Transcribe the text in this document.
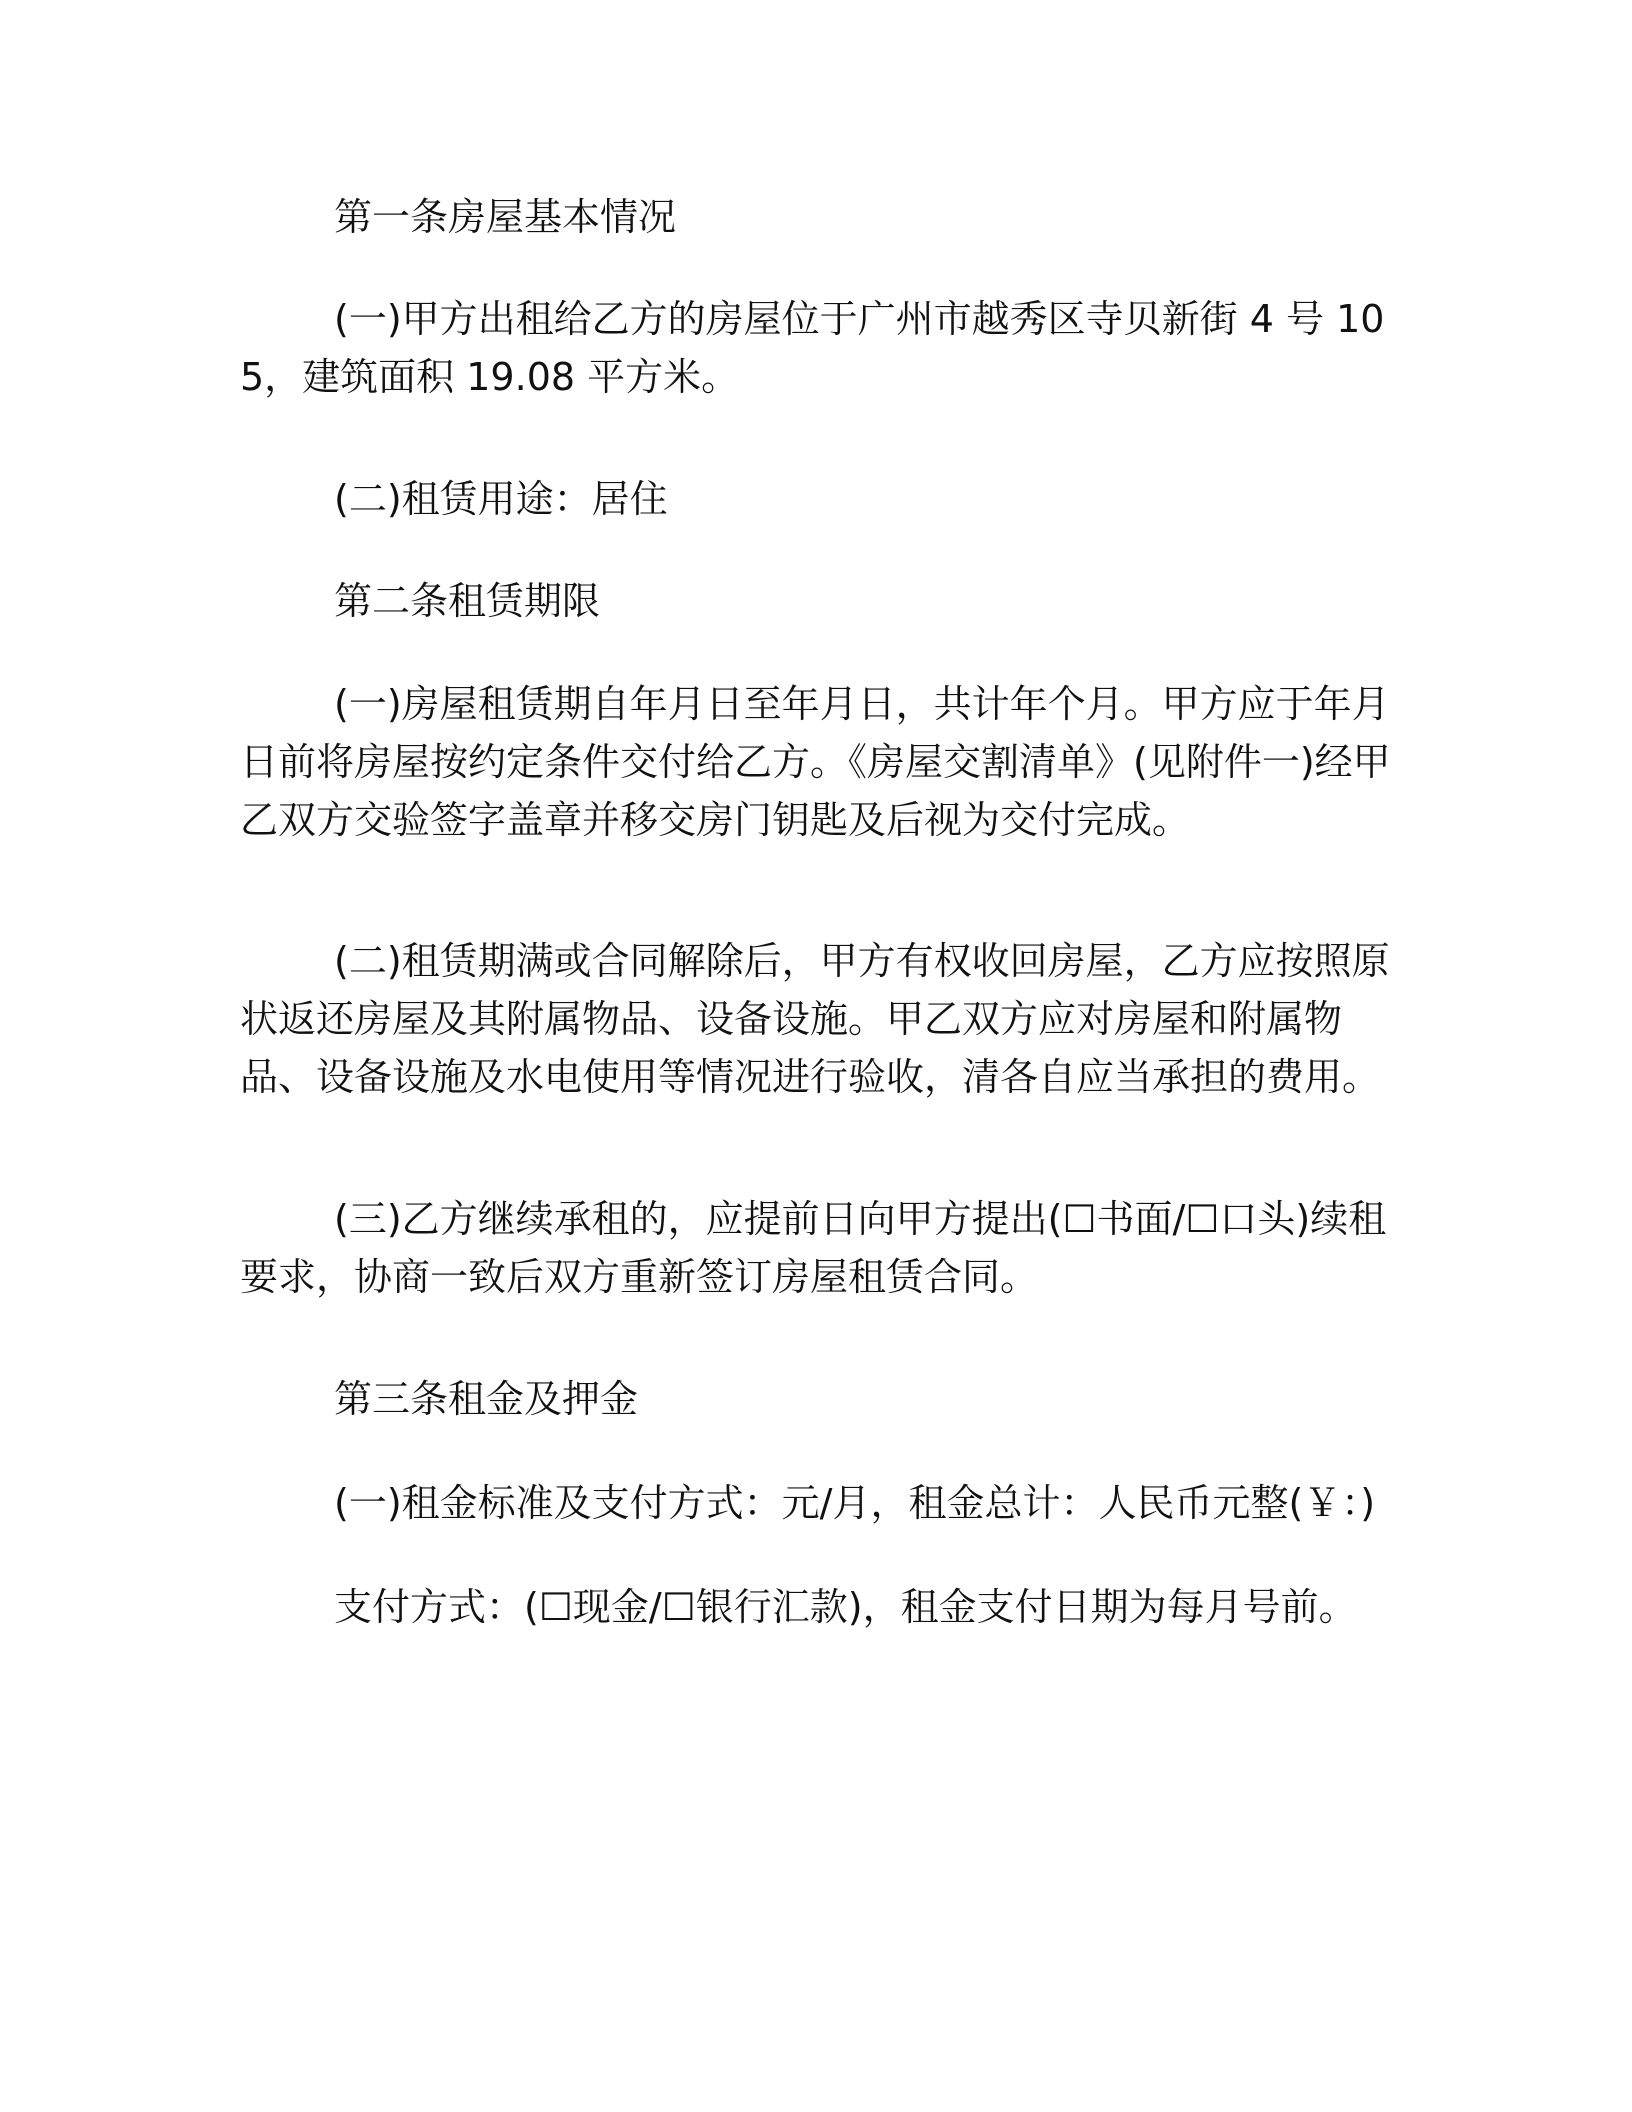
第一条房屋基本情况

(一)甲方出租给乙方的房屋位于广州市越秀区寺贝新街 4 号 105，建筑面积 19.08 平方米。

(二)租赁用途：居住

第二条租赁期限

(一)房屋租赁期自年月日至年月日，共计年个月。甲方应于年月日前将房屋按约定条件交付给乙方。《房屋交割清单》(见附件一)经甲乙双方交验签字盖章并移交房门钥匙及后视为交付完成。

(二)租赁期满或合同解除后，甲方有权收回房屋，乙方应按照原状返还房屋及其附属物品、设备设施。甲乙双方应对房屋和附属物品、设备设施及水电使用等情况进行验收，清各自应当承担的费用。

(三)乙方继续承租的，应提前日向甲方提出(☐书面/☐口头)续租要求，协商一致后双方重新签订房屋租赁合同。

第三条租金及押金

(一)租金标准及支付方式：元/月，租金总计：人民币元整(￥：)

支付方式：(☐现金/☐银行汇款)，租金支付日期为每月号前。
